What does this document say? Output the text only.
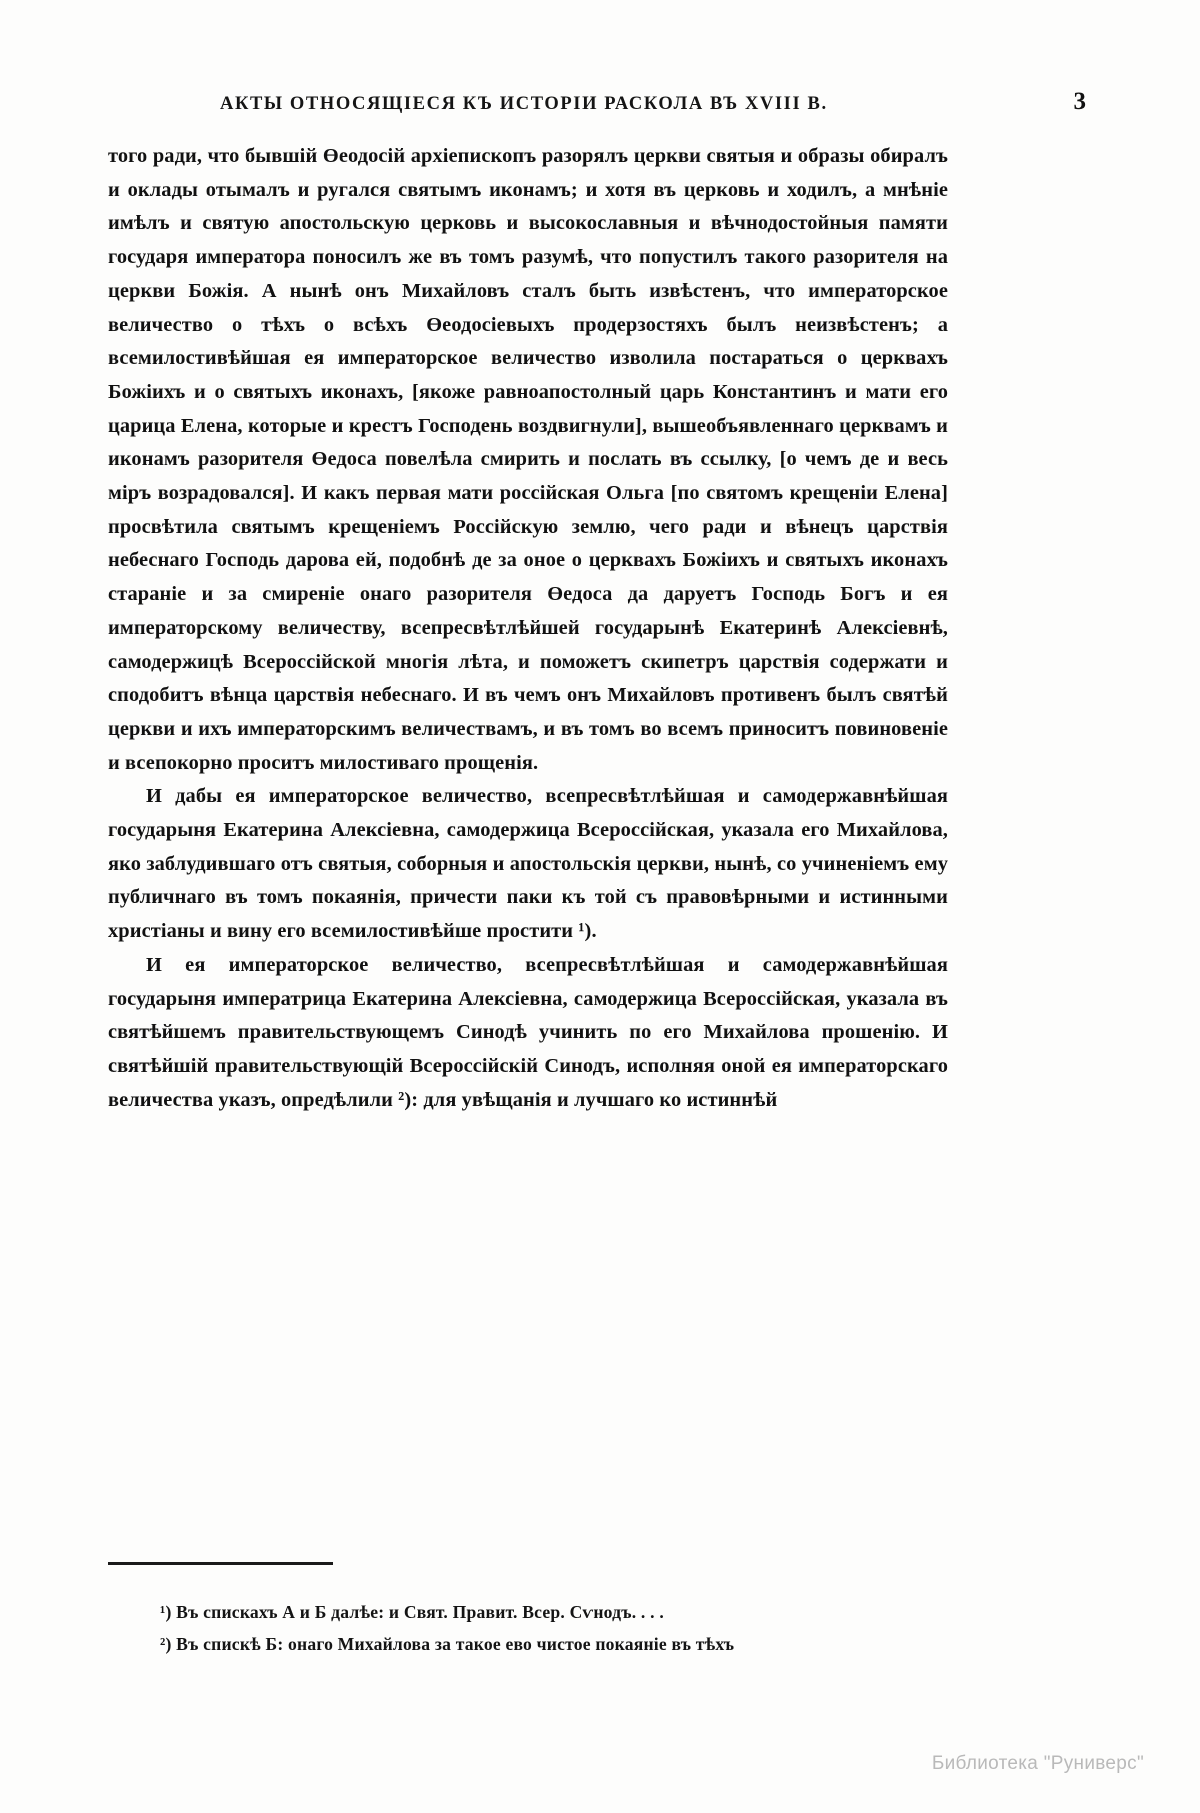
АКТЫ ОТНОСЯЩІЕСЯ КЪ ИСТОРІИ РАСКОЛА ВЪ XVIII В.	3

того ради, что бывшій Өеодосій архіепископъ разорялъ церкви святыя и образы обиралъ и оклады отымалъ и ругался святымъ иконамъ; и хотя въ церковь и ходилъ, а мнѣніе имѣлъ и святую апостольскую церковь и высокославныя и вѣчнодостойныя памяти государя императора поносилъ же въ томъ разумѣ, что попустилъ такого разорителя на церкви Божія. А нынѣ онъ Михайловъ сталъ быть извѣстенъ, что императорское величество о тѣхъ о всѣхъ Өеодосіевыхъ продерзостяхъ былъ неизвѣстенъ; а всемилостивѣйшая ея императорское величество изволила постараться о церквахъ Божіихъ и о святыхъ иконахъ, [якоже равноапостолный царь Константинъ и мати его царица Елена, которые и крестъ Господень воздвигнули], вышеобъявленнаго церквамъ и иконамъ разорителя Өедоса повелѣла смирить и послать въ ссылку, [о чемъ де и весь міръ возрадовался]. И какъ первая мати россійская Ольга [по святомъ крещеніи Елена] просвѣтила святымъ крещеніемъ Россійскую землю, чего ради и вѣнецъ царствія небеснаго Господь дарова ей, подобнѣ де за оное о церквахъ Божіихъ и святыхъ иконахъ стараніе и за смиреніе онаго разорителя Өедоса да даруетъ Господь Богъ и ея императорскому величеству, всепресвѣтлѣйшей государынѣ Екатеринѣ Алексіевнѣ, самодержицѣ Всероссійской многія лѣта, и поможетъ скипетръ царствія содержати и сподобитъ вѣнца царствія небеснаго. И въ чемъ онъ Михайловъ противенъ былъ святѣй церкви и ихъ императорскимъ величествамъ, и въ томъ во всемъ приноситъ повиновеніе и всепокорно проситъ милостиваго прощенія.

И дабы ея императорское величество, всепресвѣтлѣйшая и самодержавнѣйшая государыня Екатерина Алексіевна, самодержица Всероссійская, указала его Михайлова, яко заблудившаго отъ святыя, соборныя и апостольскія церкви, нынѣ, со учиненіемъ ему публичнаго въ томъ покаянія, причести паки къ той съ правовѣрными и истинными христіаны и вину его всемилостивѣйше простити ¹).

И ея императорское величество, всепресвѣтлѣйшая и самодержавнѣйшая государыня императрица Екатерина Алексіевна, самодержица Всероссійская, указала въ святѣйшемъ правительствующемъ Синодѣ учинить по его Михайлова прошенію. И святѣйшій правительствующій Всероссійскій Синодъ, исполняя оной ея императорскаго величества указъ, опредѣлили ²): для увѣщанія и лучшаго ко истиннѣй

¹) Въ спискахъ А и Б далѣе: и Свят. Правит. Всер. Сѵнодъ. . . .
²) Въ спискѣ Б: онаго Михайлова за такое ево чистое покаяніе въ тѣхъ
Библиотека "Руниверс"
